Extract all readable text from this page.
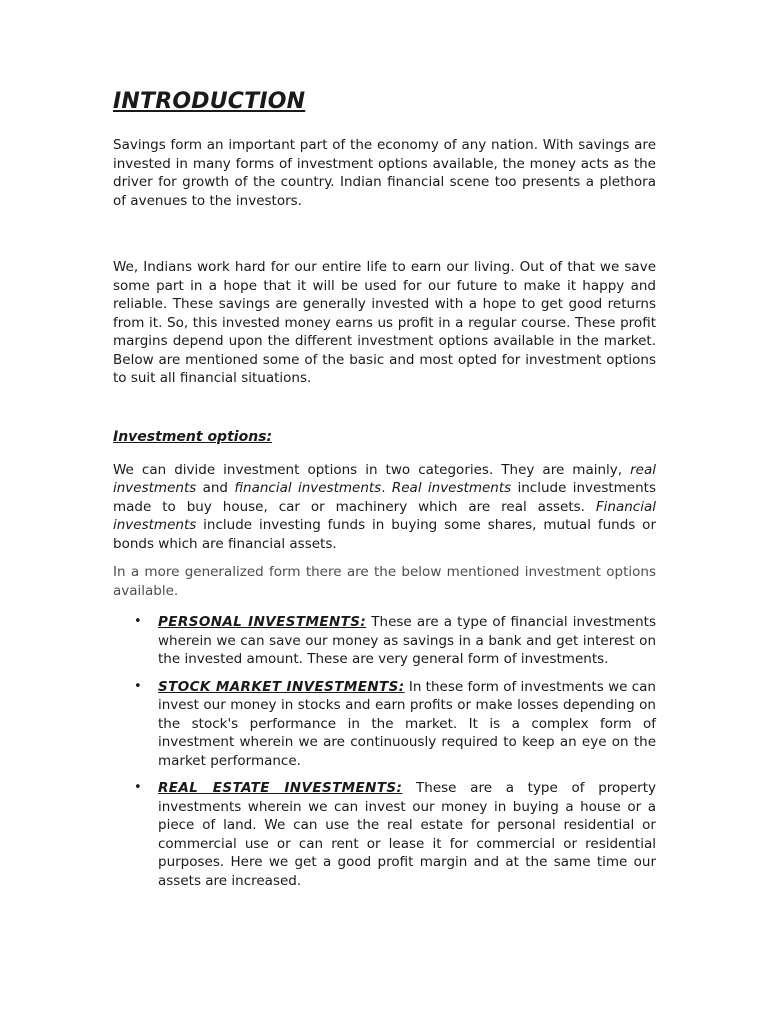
INTRODUCTION

Savings form an important part of the economy of any nation. With savings are invested in many forms of investment options available, the money acts as the driver for growth of the country. Indian financial scene too presents a plethora of avenues to the investors.

We, Indians work hard for our entire life to earn our living. Out of that we save some part in a hope that it will be used for our future to make it happy and reliable. These savings are generally invested with a hope to get good returns from it. So, this invested money earns us profit in a regular course. These profit margins depend upon the different investment options available in the market. Below are mentioned some of the basic and most opted for investment options to suit all financial situations.

Investment options:

We can divide investment options in two categories. They are mainly, real investments and financial investments. Real investments include investments made to buy house, car or machinery which are real assets. Financial investments include investing funds in buying some shares, mutual funds or bonds which are financial assets.

In a more generalized form there are the below mentioned investment options available.

• PERSONAL INVESTMENTS: These are a type of financial investments wherein we can save our money as savings in a bank and get interest on the invested amount. These are very general form of investments.
• STOCK MARKET INVESTMENTS: In these form of investments we can invest our money in stocks and earn profits or make losses depending on the stock's performance in the market. It is a complex form of investment wherein we are continuously required to keep an eye on the market performance.
• REAL ESTATE INVESTMENTS: These are a type of property investments wherein we can invest our money in buying a house or a piece of land. We can use the real estate for personal residential or commercial use or can rent or lease it for commercial or residential purposes. Here we get a good profit margin and at the same time our assets are increased.
